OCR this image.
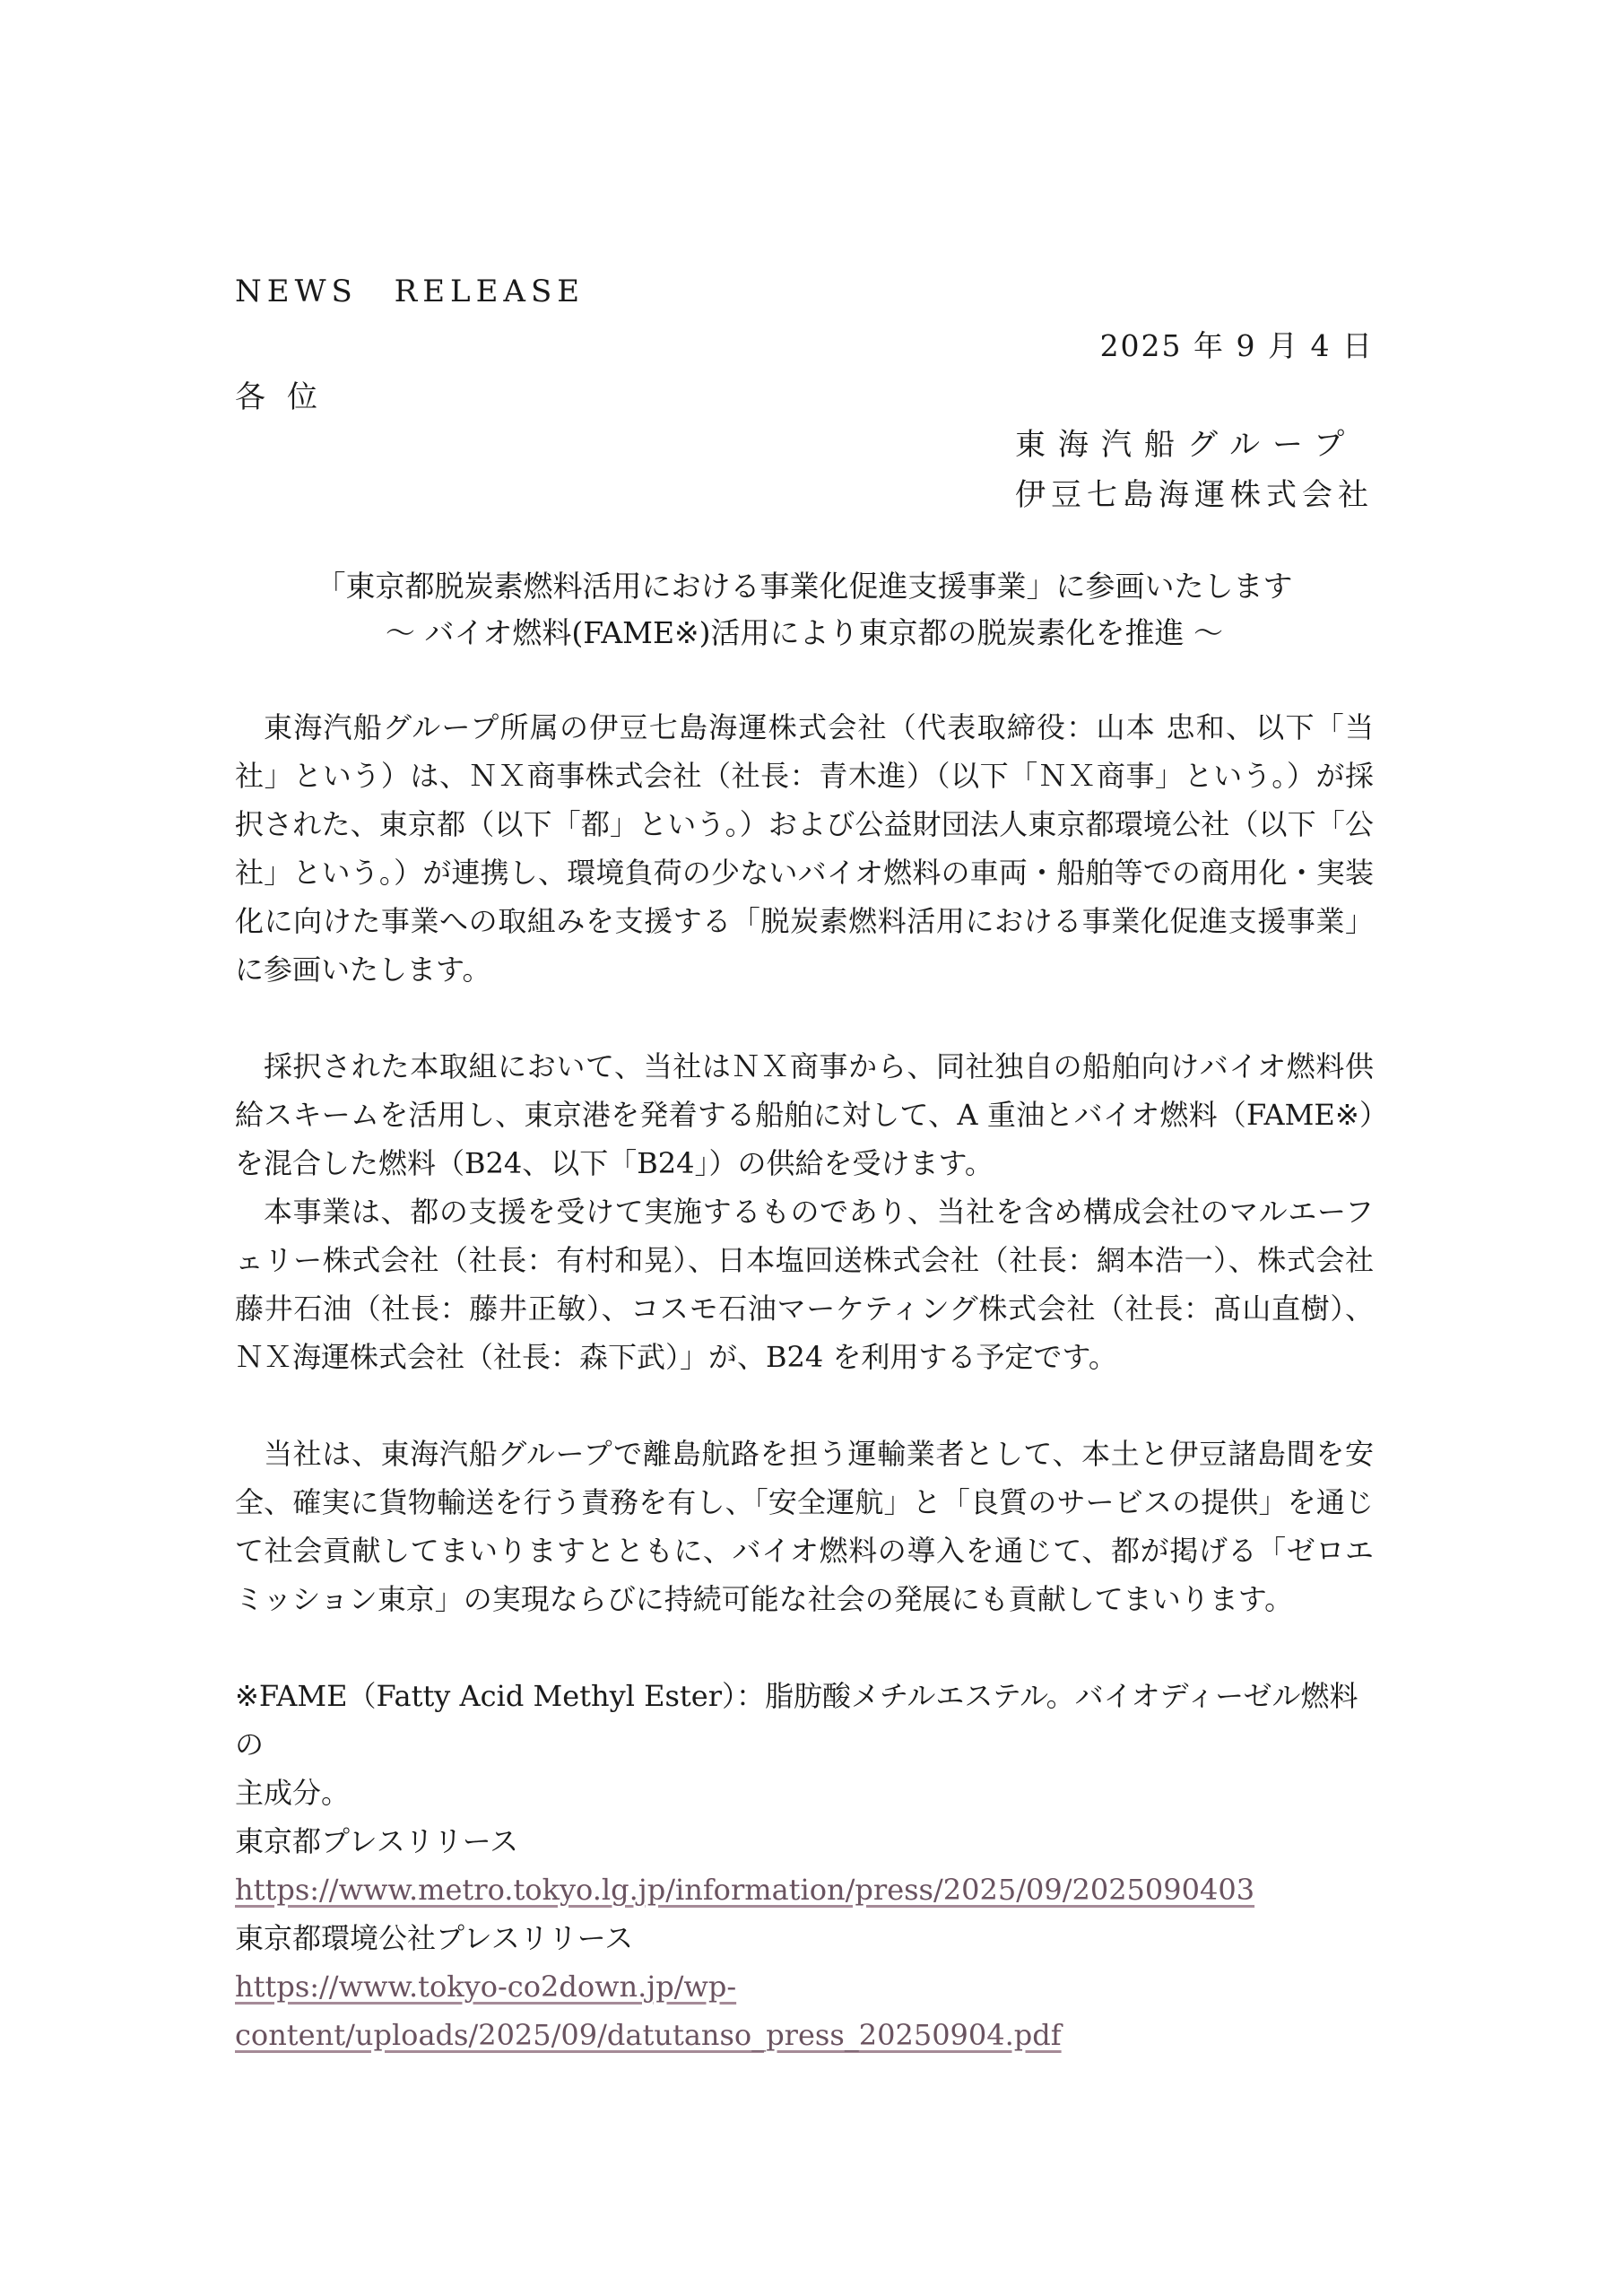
NEWS RELEASE
2025 年 9 月 4 日
各位
東海汽船グループ
伊豆七島海運株式会社
「東京都脱炭素燃料活用における事業化促進支援事業」に参画いたします
～ バイオ燃料(FAME※)活用により東京都の脱炭素化を推進 ～

東海汽船グループ所属の伊豆七島海運株式会社（代表取締役：山本 忠和、以下「当社」という）は、ＮＸ商事株式会社（社長：青木進）（以下「ＮＸ商事」という。）が採択された、東京都（以下「都」という。）および公益財団法人東京都環境公社（以下「公社」という。）が連携し、環境負荷の少ないバイオ燃料の車両・船舶等での商用化・実装化に向けた事業への取組みを支援する「脱炭素燃料活用における事業化促進支援事業」に参画いたします。

採択された本取組において、当社はＮＸ商事から、同社独自の船舶向けバイオ燃料供給スキームを活用し、東京港を発着する船舶に対して、A 重油とバイオ燃料（FAME※）を混合した燃料（B24、以下「B24」）の供給を受けます。

本事業は、都の支援を受けて実施するものであり、当社を含め構成会社のマルエーフェリー株式会社（社長：有村和晃）、日本塩回送株式会社（社長：網本浩一）、株式会社藤井石油（社長：藤井正敏）、コスモ石油マーケティング株式会社（社長：髙山直樹）、ＮＸ海運株式会社（社長：森下武）」が、B24 を利用する予定です。

当社は、東海汽船グループで離島航路を担う運輸業者として、本土と伊豆諸島間を安全、確実に貨物輸送を行う責務を有し、「安全運航」と「良質のサービスの提供」を通じて社会貢献してまいりますとともに、バイオ燃料の導入を通じて、都が掲げる「ゼロエミッション東京」の実現ならびに持続可能な社会の発展にも貢献してまいります。

※FAME（Fatty Acid Methyl Ester）：脂肪酸メチルエステル。バイオディーゼル燃料の
主成分。
東京都プレスリリース
https://www.metro.tokyo.lg.jp/information/press/2025/09/2025090403
東京都環境公社プレスリリース
https://www.tokyo-co2down.jp/wp-
content/uploads/2025/09/datutanso_press_20250904.pdf
